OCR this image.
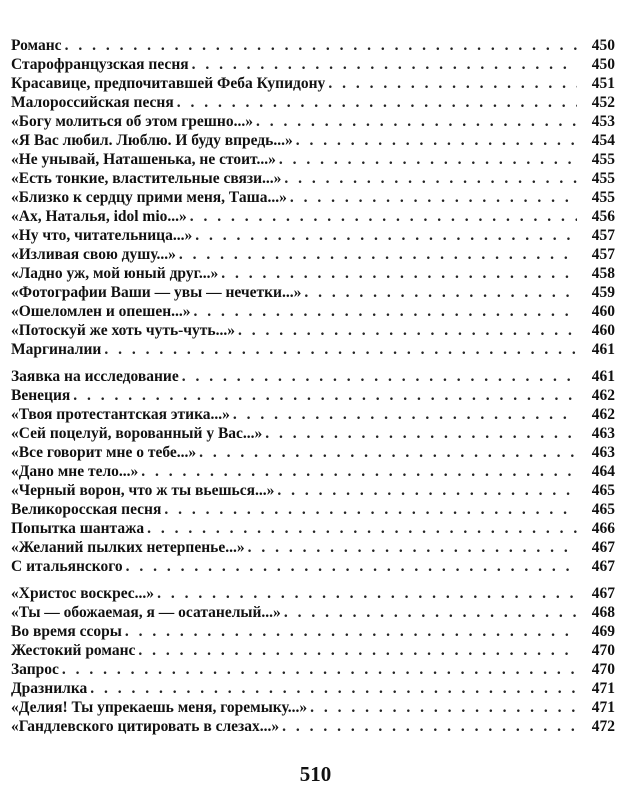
Романс . . .	450
Старофранцузская песня . . .	450
Красавице, предпочитавшей Феба Купидону . . .	451
Малороссийская песня . . .	452
«Богу молиться об этом грешно...» . . .	453
«Я Вас любил. Люблю. И буду впредь...» . . .	454
«Не унывай, Наташенька, не стоит...» . . .	455
«Есть тонкие, властительные связи...» . . .	455
«Близко к сердцу прими меня, Таша...» . . .	455
«Ах, Наталья, idol mio...» . . .	456
«Ну что, читательница...» . . .	457
«Изливая свою душу...» . . .	457
«Ладно уж, мой юный друг...» . . .	458
«Фотографии Ваши — увы — нечетки...» . . .	459
«Ошеломлен и опешен...» . . .	460
«Потоскуй же хоть чуть-чуть...» . . .	460
Маргиналии . . .	461
Заявка на исследование . . .	461
Венеция . . .	462
«Твоя протестантская этика...» . . .	462
«Сей поцелуй, ворованный у Вас...» . . .	463
«Все говорит мне о тебе...» . . .	463
«Дано мне тело...» . . .	464
«Черный ворон, что ж ты вьешься...» . . .	465
Великоросская песня . . .	465
Попытка шантажа . . .	466
«Желаний пылких нетерпенье...» . . .	467
С итальянского . . .	467
«Христос воскрес...» . . .	467
«Ты — обожаемая, я — осатанелый...» . . .	468
Во время ссоры . . .	469
Жестокий романс . . .	470
Запрос . . .	470
Дразнилка . . .	471
«Делия! Ты упрекаешь меня, горемыку...» . . .	471
«Гандлевского цитировать в слезах...» . . .	472
510
